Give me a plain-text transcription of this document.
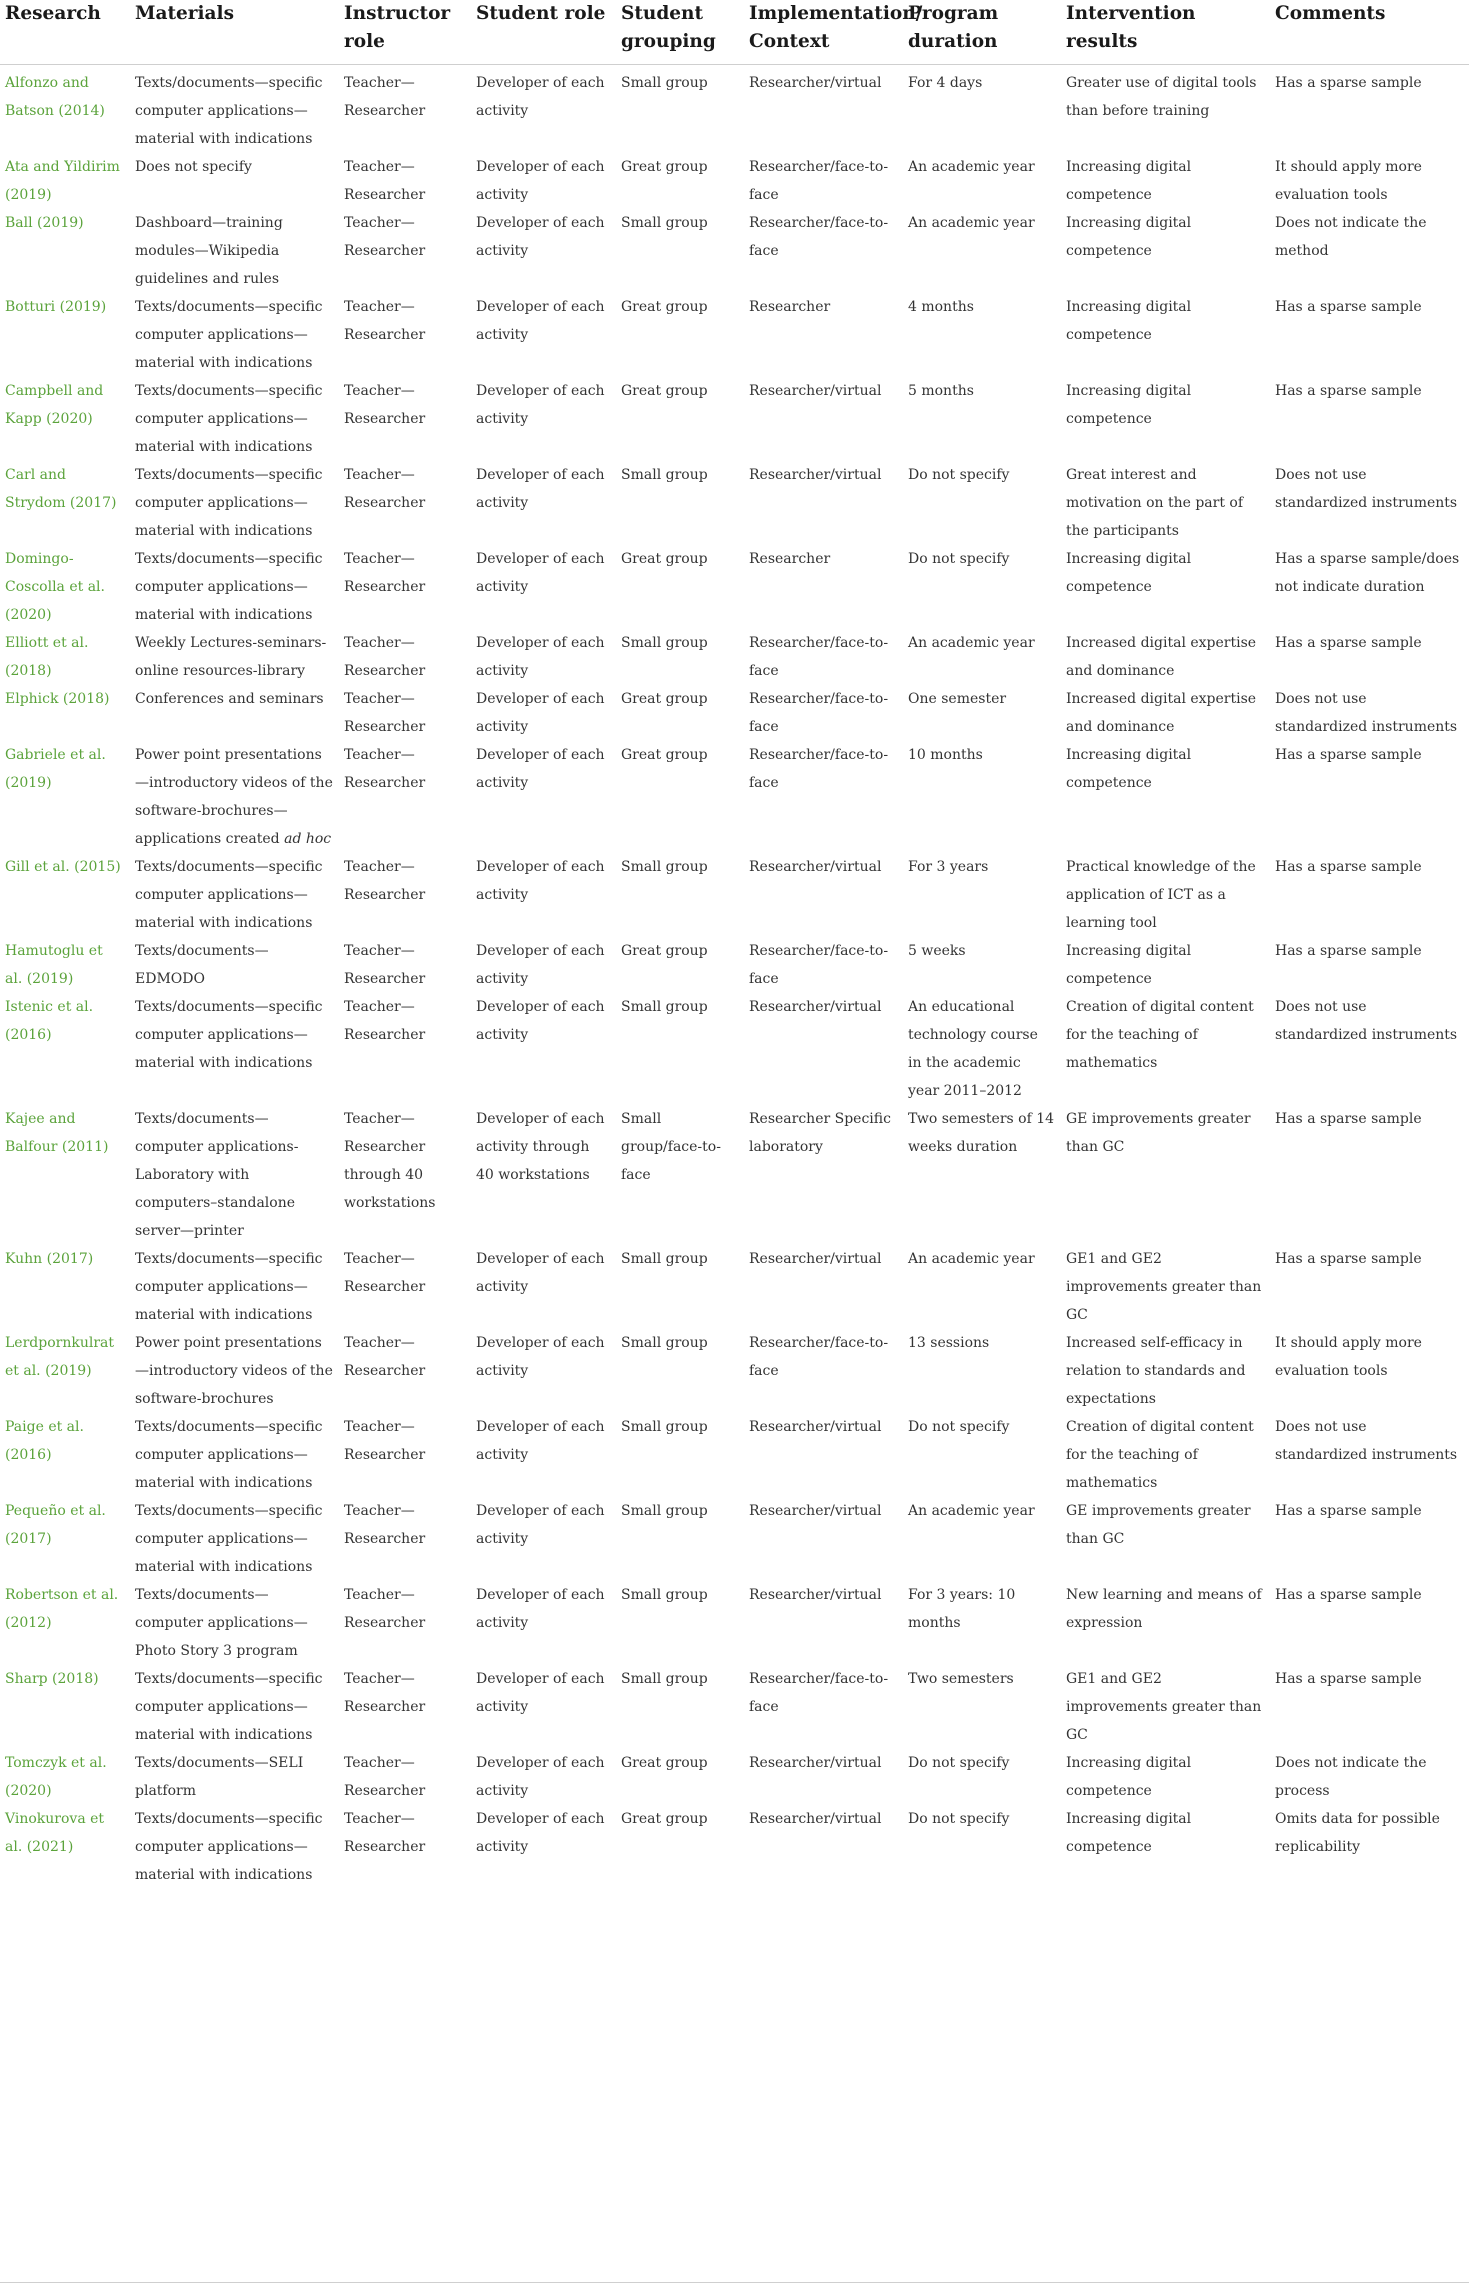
Research	Materials	Instructor role	Student role	Student grouping	Implementation/ Context	Program duration	Intervention results	Comments
Alfonzo and Batson (2014)	Texts/documents—specific computer applications—material with indications	Teacher—Researcher	Developer of each activity	Small group	Researcher/virtual	For 4 days	Greater use of digital tools than before training	Has a sparse sample
Ata and Yildirim (2019)	Does not specify	Teacher—Researcher	Developer of each activity	Great group	Researcher/face-to-face	An academic year	Increasing digital competence	It should apply more evaluation tools
Ball (2019)	Dashboard—training modules—Wikipedia guidelines and rules	Teacher—Researcher	Developer of each activity	Small group	Researcher/face-to-face	An academic year	Increasing digital competence	Does not indicate the method
Botturi (2019)	Texts/documents—specific computer applications—material with indications	Teacher—Researcher	Developer of each activity	Great group	Researcher	4 months	Increasing digital competence	Has a sparse sample
Campbell and Kapp (2020)	Texts/documents—specific computer applications—material with indications	Teacher—Researcher	Developer of each activity	Great group	Researcher/virtual	5 months	Increasing digital competence	Has a sparse sample
Carl and Strydom (2017)	Texts/documents—specific computer applications—material with indications	Teacher—Researcher	Developer of each activity	Small group	Researcher/virtual	Do not specify	Great interest and motivation on the part of the participants	Does not use standardized instruments
Domingo-Coscolla et al. (2020)	Texts/documents—specific computer applications—material with indications	Teacher—Researcher	Developer of each activity	Great group	Researcher	Do not specify	Increasing digital competence	Has a sparse sample/does not indicate duration
Elliott et al. (2018)	Weekly Lectures-seminars-online resources-library	Teacher—Researcher	Developer of each activity	Small group	Researcher/face-to-face	An academic year	Increased digital expertise and dominance	Has a sparse sample
Elphick (2018)	Conferences and seminars	Teacher—Researcher	Developer of each activity	Great group	Researcher/face-to-face	One semester	Increased digital expertise and dominance	Does not use standardized instruments
Gabriele et al. (2019)	Power point presentations—introductory videos of the software-brochures—applications created ad hoc	Teacher—Researcher	Developer of each activity	Great group	Researcher/face-to-face	10 months	Increasing digital competence	Has a sparse sample
Gill et al. (2015)	Texts/documents—specific computer applications—material with indications	Teacher—Researcher	Developer of each activity	Small group	Researcher/virtual	For 3 years	Practical knowledge of the application of ICT as a learning tool	Has a sparse sample
Hamutoglu et al. (2019)	Texts/documents—EDMODO	Teacher—Researcher	Developer of each activity	Great group	Researcher/face-to-face	5 weeks	Increasing digital competence	Has a sparse sample
Istenic et al. (2016)	Texts/documents—specific computer applications—material with indications	Teacher—Researcher	Developer of each activity	Small group	Researcher/virtual	An educational technology course in the academic year 2011–2012	Creation of digital content for the teaching of mathematics	Does not use standardized instruments
Kajee and Balfour (2011)	Texts/documents—computer applications-Laboratory with computers–standalone server—printer	Teacher—Researcher through 40 workstations	Developer of each activity through 40 workstations	Small group/face-to-face	Researcher Specific laboratory	Two semesters of 14 weeks duration	GE improvements greater than GC	Has a sparse sample
Kuhn (2017)	Texts/documents—specific computer applications—material with indications	Teacher—Researcher	Developer of each activity	Small group	Researcher/virtual	An academic year	GE1 and GE2 improvements greater than GC	Has a sparse sample
Lerdpornkulrat et al. (2019)	Power point presentations—introductory videos of the software-brochures	Teacher—Researcher	Developer of each activity	Small group	Researcher/face-to-face	13 sessions	Increased self-efficacy in relation to standards and expectations	It should apply more evaluation tools
Paige et al. (2016)	Texts/documents—specific computer applications—material with indications	Teacher—Researcher	Developer of each activity	Small group	Researcher/virtual	Do not specify	Creation of digital content for the teaching of mathematics	Does not use standardized instruments
Pequeño et al. (2017)	Texts/documents—specific computer applications—material with indications	Teacher—Researcher	Developer of each activity	Small group	Researcher/virtual	An academic year	GE improvements greater than GC	Has a sparse sample
Robertson et al. (2012)	Texts/documents—computer applications—Photo Story 3 program	Teacher—Researcher	Developer of each activity	Small group	Researcher/virtual	For 3 years: 10 months	New learning and means of expression	Has a sparse sample
Sharp (2018)	Texts/documents—specific computer applications—material with indications	Teacher—Researcher	Developer of each activity	Small group	Researcher/face-to-face	Two semesters	GE1 and GE2 improvements greater than GC	Has a sparse sample
Tomczyk et al. (2020)	Texts/documents—SELI platform	Teacher—Researcher	Developer of each activity	Great group	Researcher/virtual	Do not specify	Increasing digital competence	Does not indicate the process
Vinokurova et al. (2021)	Texts/documents—specific computer applications—material with indications	Teacher—Researcher	Developer of each activity	Great group	Researcher/virtual	Do not specify	Increasing digital competence	Omits data for possible replicability
